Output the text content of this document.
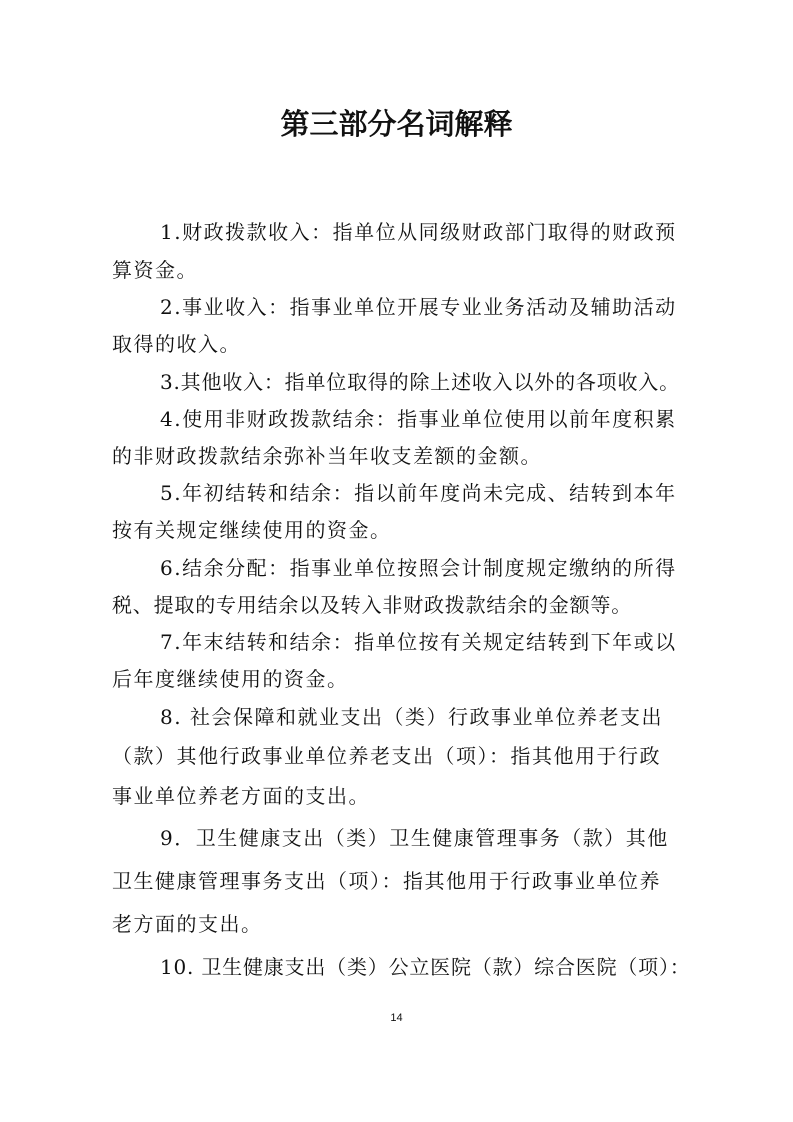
第三部分名词解释
1.财政拨款收入：指单位从同级财政部门取得的财政预
算资金。
2.事业收入：指事业单位开展专业业务活动及辅助活动
取得的收入。
3.其他收入：指单位取得的除上述收入以外的各项收入。
4.使用非财政拨款结余：指事业单位使用以前年度积累
的非财政拨款结余弥补当年收支差额的金额。
5.年初结转和结余：指以前年度尚未完成、结转到本年
按有关规定继续使用的资金。
6.结余分配：指事业单位按照会计制度规定缴纳的所得
税、提取的专用结余以及转入非财政拨款结余的金额等。
7.年末结转和结余：指单位按有关规定结转到下年或以
后年度继续使用的资金。
8. 社会保障和就业支出（类）行政事业单位养老支出
（款）其他行政事业单位养老支出（项）：指其他用于行政
事业单位养老方面的支出。
9．卫生健康支出（类）卫生健康管理事务（款）其他
卫生健康管理事务支出（项）：指其他用于行政事业单位养
老方面的支出。
10. 卫生健康支出（类）公立医院（款）综合医院（项）：
14
